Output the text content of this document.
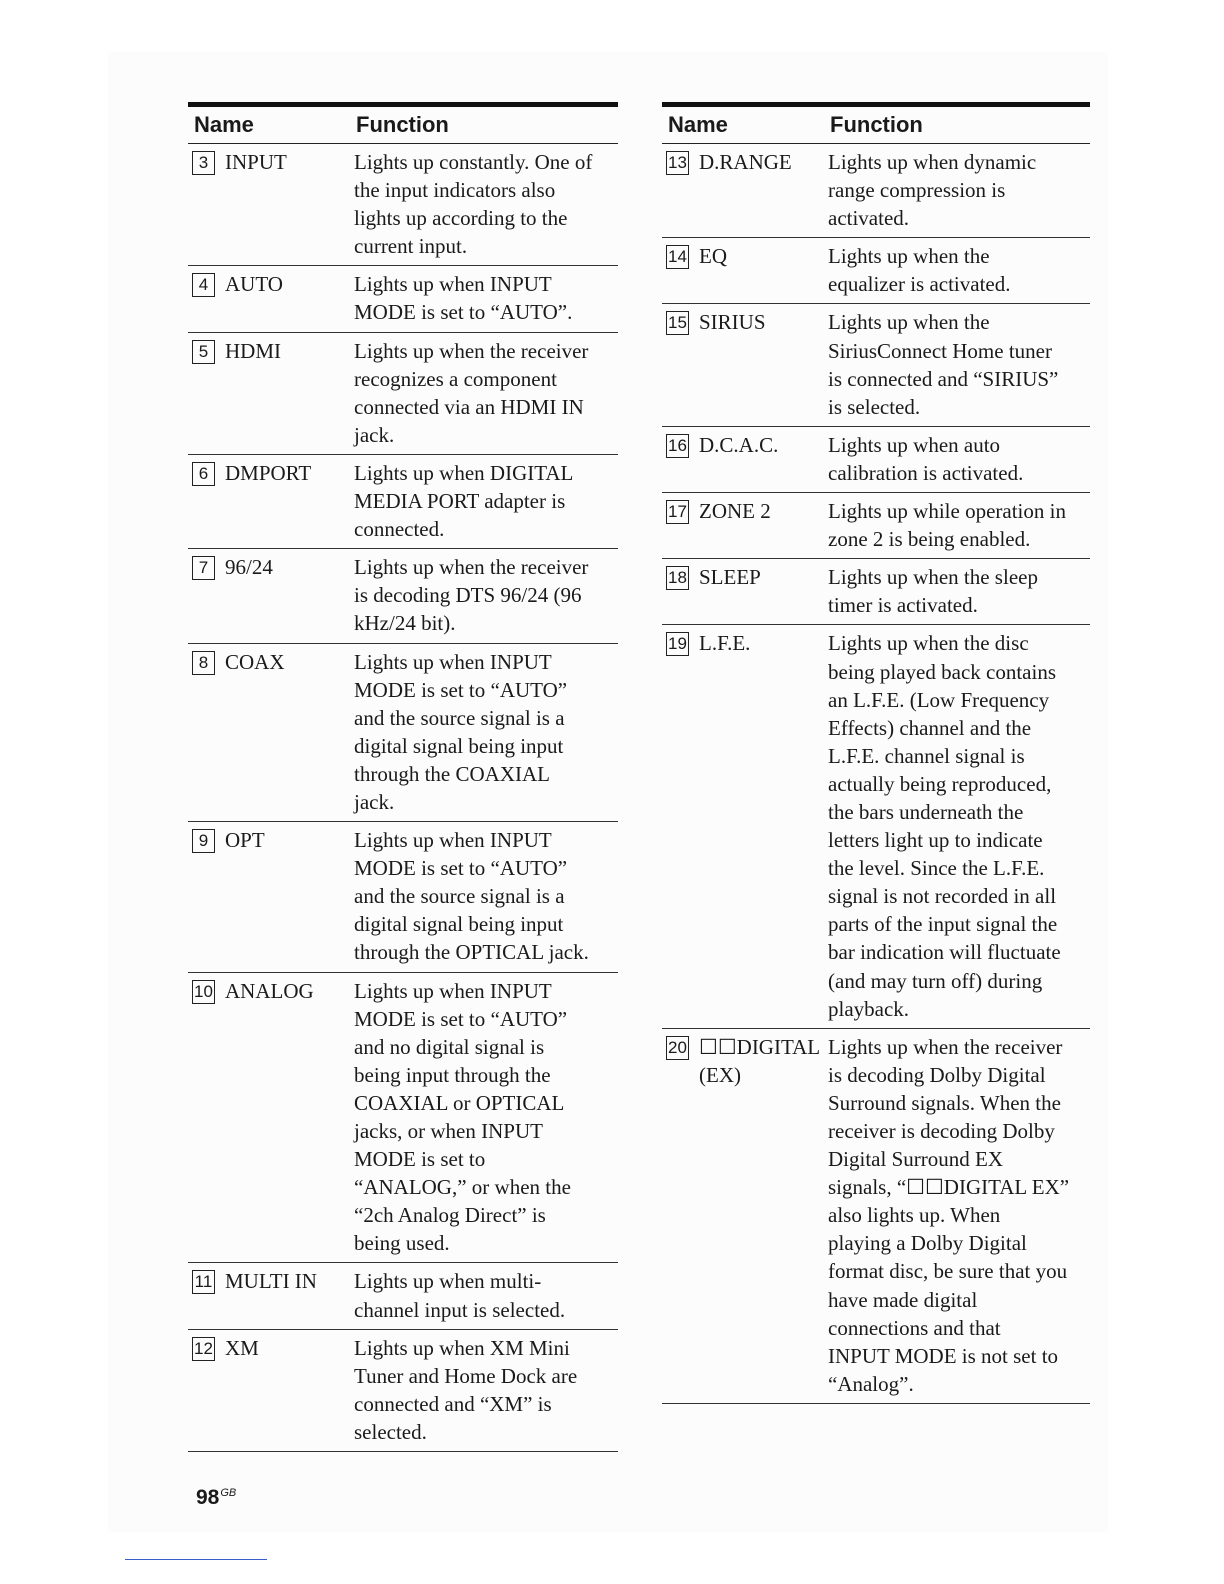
Name	Function
3 INPUT	Lights up constantly. One of
the input indicators also
lights up according to the
current input.
4 AUTO	Lights up when INPUT
MODE is set to “AUTO”.
5 HDMI	Lights up when the receiver
recognizes a component
connected via an HDMI IN
jack.
6 DMPORT Lights up when DIGITAL
MEDIA PORT adapter is
connected.
7 96/24	Lights up when the receiver
is decoding DTS 96/24 (96
kHz/24 bit).
8 COAX	Lights up when INPUT
MODE is set to “AUTO”
and the source signal is a
digital signal being input
through the COAXIAL
jack.
9 OPT	Lights up when INPUT
MODE is set to “AUTO”
and the source signal is a
digital signal being input
through the OPTICAL jack.
10 ANALOG Lights up when INPUT
MODE is set to “AUTO”
and no digital signal is
being input through the
COAXIAL or OPTICAL
jacks, or when INPUT
MODE is set to
“ANALOG,” or when the
“2ch Analog Direct” is
being used.
11 MULTI IN Lights up when multi-
channel input is selected.
12 XM	Lights up when XM Mini
Tuner and Home Dock are
connected and “XM” is
selected.
Name	Function
13 D.RANGE Lights up when dynamic
range compression is
activated.
14 EQ	Lights up when the
equalizer is activated.
15 SIRIUS	Lights up when the
SiriusConnect Home tuner
is connected and “SIRIUS”
is selected.
16 D.C.A.C. Lights up when auto
calibration is activated.
17 ZONE 2	Lights up while operation in
zone 2 is being enabled.
18 SLEEP	Lights up when the sleep
timer is activated.
19 L.F.E.	Lights up when the disc
being played back contains
an L.F.E. (Low Frequency
Effects) channel and the
L.F.E. channel signal is
actually being reproduced,
the bars underneath the
letters light up to indicate
the level. Since the L.F.E.
signal is not recorded in all
parts of the input signal the
bar indication will fluctuate
(and may turn off) during
playback.
20 ☐☐DIGITAL
(EX)
Lights up when the receiver
is decoding Dolby Digital
Surround signals. When the
receiver is decoding Dolby
Digital Surround EX
signals, “☐☐DIGITAL EX”
also lights up. When
playing a Dolby Digital
format disc, be sure that you
have made digital
connections and that
INPUT MODE is not set to
“Analog”.
$98^{GB}$
